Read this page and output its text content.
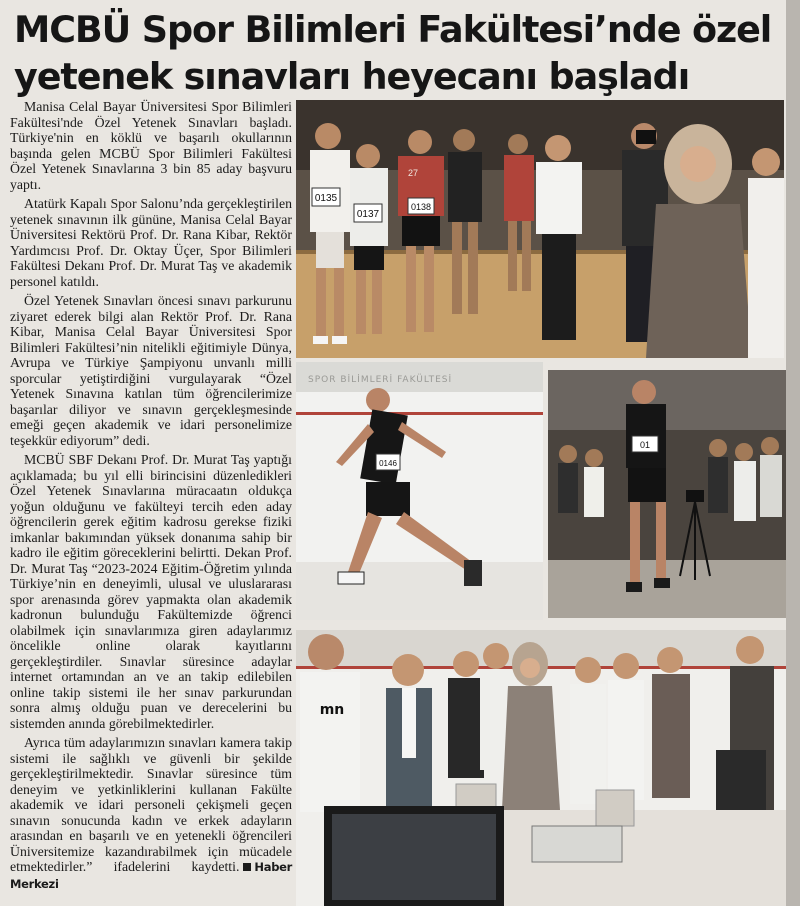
MCBÜ Spor Bilimleri Fakültesi’nde özel
yetenek sınavları heyecanı başladı

Manisa Celal Bayar Üniversitesi Spor Bilimleri Fakültesi'nde Özel Yetenek Sınavları başladı. Türkiye'nin en köklü ve başarılı okullarının başında gelen MCBÜ Spor Bilimleri Fakültesi Özel Yetenek Sınavlarına 3 bin 85 aday başvuru yaptı.

Atatürk Kapalı Spor Salonu’nda gerçekleştirilen yetenek sınavının ilk gününe, Manisa Celal Bayar Üniversitesi Rektörü Prof. Dr. Rana Kibar, Rektör Yardımcısı Prof. Dr. Oktay Üçer, Spor Bilimleri Fakültesi Dekanı Prof. Dr. Murat Taş ve akademik personel katıldı.

Özel Yetenek Sınavları öncesi sınavı parkurunu ziyaret ederek bilgi alan Rektör Prof. Dr. Rana Kibar, Manisa Celal Bayar Üniversitesi Spor Bilimleri Fakültesi’nin nitelikli eğitimiyle Dünya, Avrupa ve Türkiye Şampiyonu unvanlı milli sporcular yetiştirdiğini vurgulayarak “Özel Yetenek Sınavına katılan tüm öğrencilerimize başarılar diliyor ve sınavın gerçekleşmesinde emeği geçen akademik ve idari personelimize teşekkür ediyorum” dedi.

MCBÜ SBF Dekanı Prof. Dr. Murat Taş yaptığı açıklamada; bu yıl elli birincisini düzenledikleri Özel Yetenek Sınavlarına müracaatın oldukça yoğun olduğunu ve fakülteyi tercih eden aday öğrencilerin gerek eğitim kadrosu gerekse fiziki imkanlar bakımından yüksek donanıma sahip bir kadro ile eğitim göreceklerini belirtti. Dekan Prof. Dr. Murat Taş “2023-2024 Eğitim-Öğretim yılında Türkiye’nin en deneyimli, ulusal ve uluslararası spor arenasında görev yapmakta olan akademik kadronun bulunduğu Fakültemizde öğrenci olabilmek için sınavlarımıza giren adaylarımız öncelikle online olarak kayıtlarını gerçekleştirdiler. Sınavlar süresince adaylar internet ortamından an ve an takip edilebilen online takip sistemi ile her sınav parkurundan sonra almış olduğu puan ve derecelerini bu sistemden anında görebilmektedirler.

Ayrıca tüm adaylarımızın sınavları kamera takip sistemi ile sağlıklı ve güvenli bir şekilde gerçekleştirilmektedir. Sınavlar süresince tüm deneyim ve yetkinliklerini kullanan Fakülte akademik ve idari personeli çekişmeli geçen sınavın sonucunda kadın ve erkek adayların arasından en başarılı ve en yetenekli öğrencileri Üniversitemize kazandırabilmek için mücadele etmektedirler.” ifadelerini kaydetti. Haber Merkezi

0135
0137
27
0138
SPOR BİLİMLERİ FAKÜLTESİ
0146
01
mn
